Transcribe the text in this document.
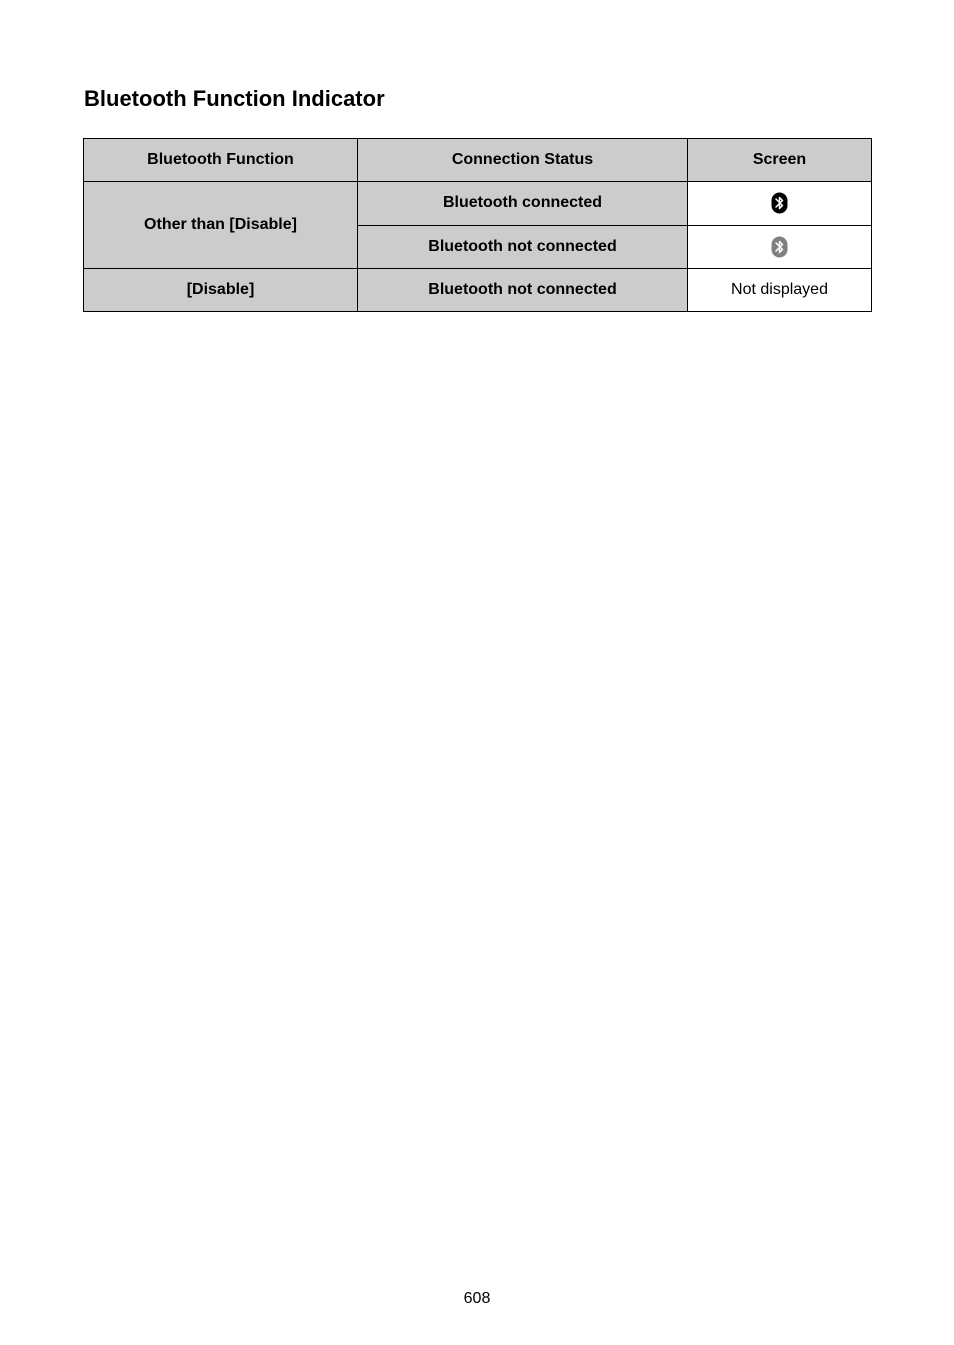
Bluetooth Function Indicator
Bluetooth Function	Connection Status	Screen
Other than [Disable]	Bluetooth connected	

	Bluetooth not connected	

[Disable]	Bluetooth not connected	Not displayed
608
